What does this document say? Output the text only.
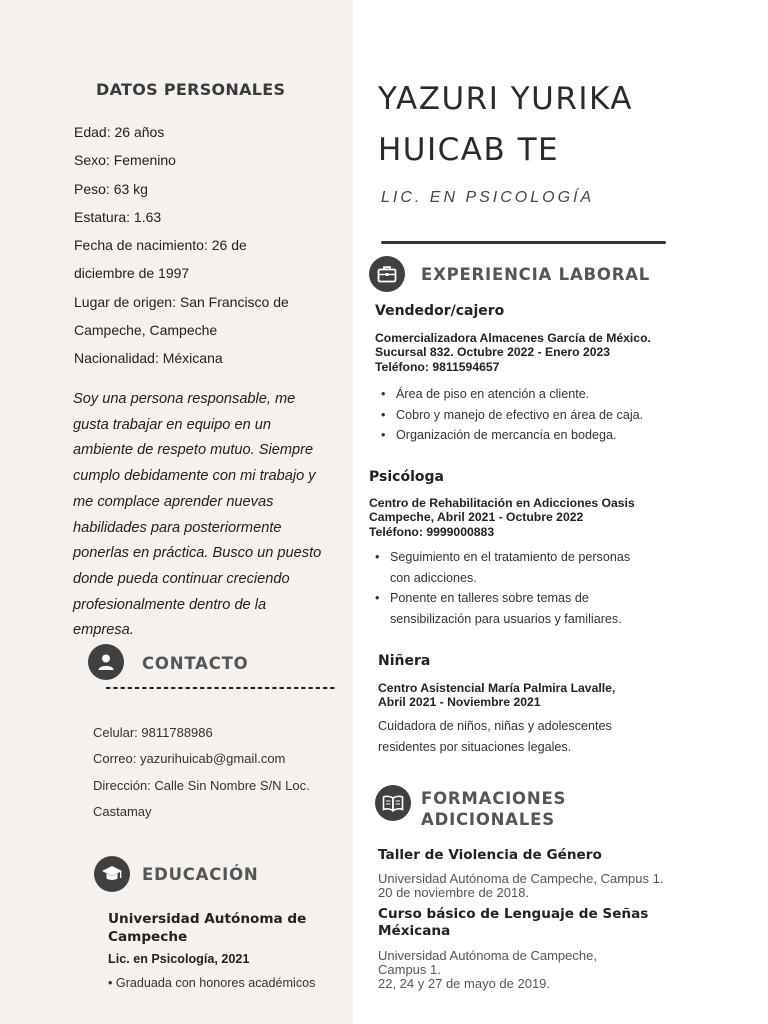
DATOS PERSONALES
Edad: 26 años
Sexo: Femenino
Peso: 63 kg
Estatura: 1.63
Fecha de nacimiento: 26 de
diciembre de 1997
Lugar de origen: San Francisco de
Campeche, Campeche
Nacionalidad: Méxicana
Soy una persona responsable, me
gusta trabajar en equipo en un
ambiente de respeto mutuo. Siempre
cumplo debidamente con mi trabajo y
me complace aprender nuevas
habilidades para posteriormente
ponerlas en práctica. Busco un puesto
donde pueda continuar creciendo
profesionalmente dentro de la
empresa.
CONTACTO
--------------------------------
Celular: 9811788986
Correo: yazurihuicab@gmail.com
Dirección: Calle Sin Nombre S/N Loc.
Castamay
EDUCACIÓN
Universidad Autónoma de
Campeche
Lic. en Psicología, 2021
• Graduada con honores académicos
YAZURI YURIKA
HUICAB TE
LIC. EN PSICOLOGÍA
EXPERIENCIA LABORAL
Vendedor/cajero
Comercializadora Almacenes García de México.
Sucursal 832. Octubre 2022 - Enero 2023
Teléfono: 9811594657
• Área de piso en atención a cliente.
• Cobro y manejo de efectivo en área de caja.
• Organización de mercancía en bodega.
Psicóloga
Centro de Rehabilitación en Adicciones Oasis
Campeche, Abril 2021 - Octubre 2022
Teléfono: 9999000883
• Seguimiento en el tratamiento de personas
con adicciones.
• Ponente en talleres sobre temas de
sensibilización para usuarios y familiares.
Niñera
Centro Asistencial María Palmira Lavalle,
Abril 2021 - Noviembre 2021
Cuidadora de niños, niñas y adolescentes
residentes por situaciones legales.
FORMACIONES
ADICIONALES
Taller de Violencia de Género
Universidad Autónoma de Campeche, Campus 1.
20 de noviembre de 2018.
Curso básico de Lenguaje de Señas
Méxicana
Universidad Autónoma de Campeche,
Campus 1.
22, 24 y 27 de mayo de 2019.
